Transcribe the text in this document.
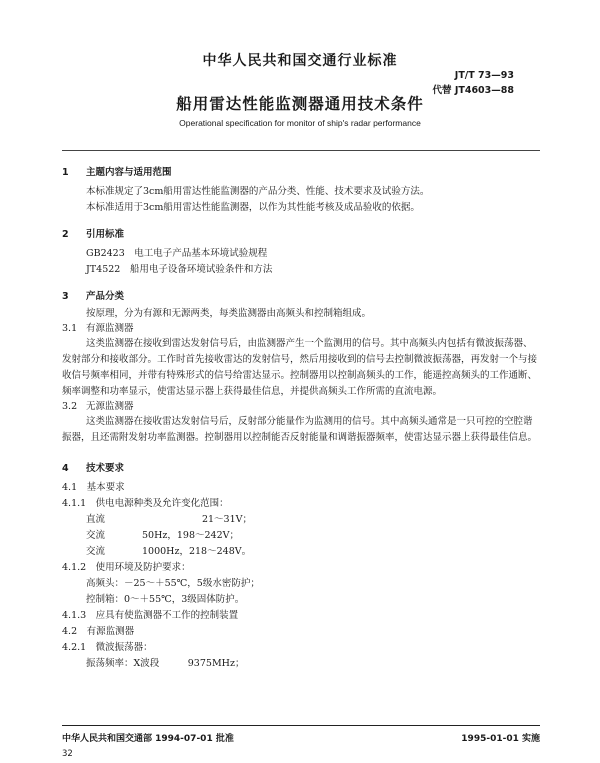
中华人民共和国交通行业标准
JT/T 73—93
代替 JT4603—88
船用雷达性能监测器通用技术条件
Operational specification for monitor of ship's radar performance
1 主题内容与适用范围
本标准规定了3cm船用雷达性能监测器的产品分类、性能、技术要求及试验方法。
本标准适用于3cm船用雷达性能监测器，以作为其性能考核及成品验收的依据。
2 引用标准
GB2423　电工电子产品基本环境试验规程
JT4522　船用电子设备环境试验条件和方法
3 产品分类
按原理，分为有源和无源两类，每类监测器由高频头和控制箱组成。
3.1 有源监测器
这类监测器在接收到雷达发射信号后，由监测器产生一个监测用的信号。其中高频头内包括有微波振荡器、发射部分和接收部分。工作时首先接收雷达的发射信号，然后用接收到的信号去控制微波振荡器，再发射一个与接收信号频率相同，并带有特殊形式的信号给雷达显示。控制器用以控制高频头的工作，能遥控高频头的工作通断、频率调整和功率显示，使雷达显示器上获得最佳信息，并提供高频头工作所需的直流电源。
3.2 无源监测器
这类监测器在接收雷达发射信号后，反射部分能量作为监测用的信号。其中高频头通常是一只可控的空腔谐振器，且还需附发射功率监测器。控制器用以控制能否反射能量和调谐振器频率，使雷达显示器上获得最佳信息。
4 技术要求
4.1　基本要求
4.1.1　供电电源种类及允许变化范围：
直流	21～31V；
交流	50Hz，198～242V；
交流	1000Hz，218～248V。
4.1.2　使用环境及防护要求：
高频头：－25～＋55℃，5级水密防护；
控制箱：0～＋55℃，3级固体防护。
4.1.3　应具有使监测器不工作的控制装置
4.2　有源监测器
4.2.1　微波振荡器：
振荡频率：X波段　　　9375MHz；
中华人民共和国交通部 1994-07-01 批准	1995-01-01 实施
32
